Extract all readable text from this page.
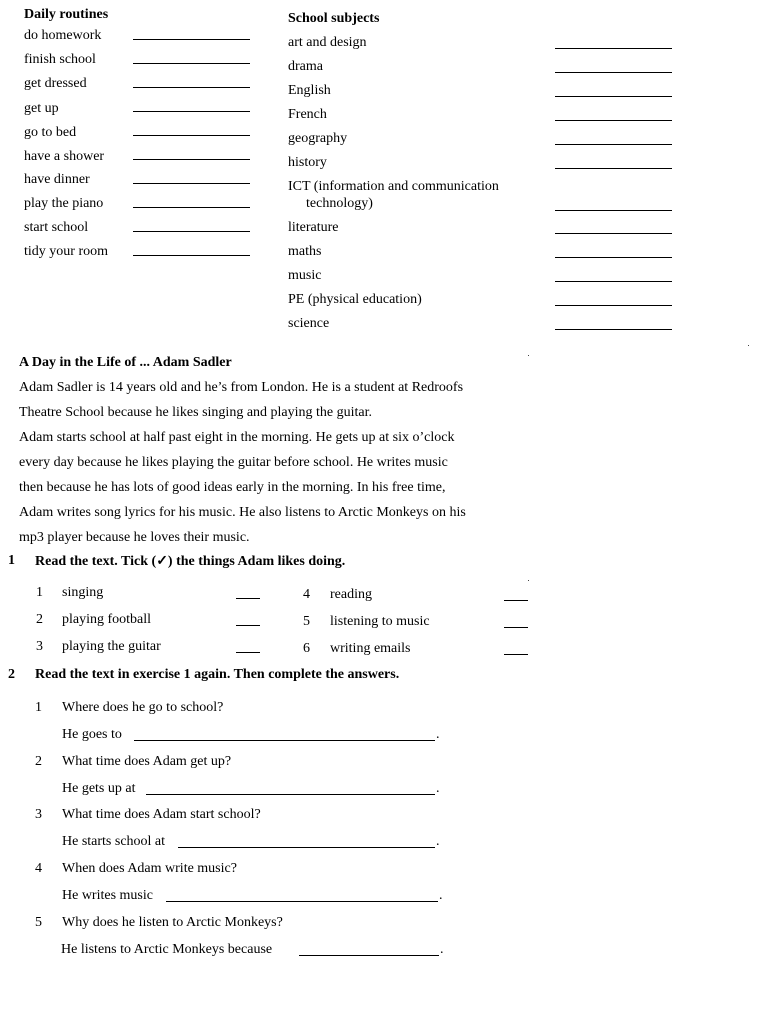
Daily routines
do homework
finish school
get dressed
get up
go to bed
have a shower
have dinner
play the piano
start school
tidy your room
School subjects
art and design
drama
English
French
geography
history
ICT (information and communication
technology)
literature
maths
music
PE (physical education)
science
A Day in the Life of ... Adam Sadler
Adam Sadler is 14 years old and he’s from London. He is a student at Redroofs
Theatre School because he likes singing and playing the guitar.
Adam starts school at half past eight in the morning. He gets up at six o’clock
every day because he likes playing the guitar before school. He writes music
then because he has lots of good ideas early in the morning. In his free time,
Adam writes song lyrics for his music. He also listens to Arctic Monkeys on his
mp3 player because he loves their music.
1 Read the text. Tick (✓) the things Adam likes doing.
1 singing
2 playing football
3 playing the guitar
4 reading
5 listening to music
6 writing emails
2 Read the text in exercise 1 again. Then complete the answers.
1 Where does he go to school?
He goes to	.
2 What time does Adam get up?
He gets up at	.
3 What time does Adam start school?
He starts school at	.
4 When does Adam write music?
He writes music	.
5 Why does he listen to Arctic Monkeys?
He listens to Arctic Monkeys because	.
